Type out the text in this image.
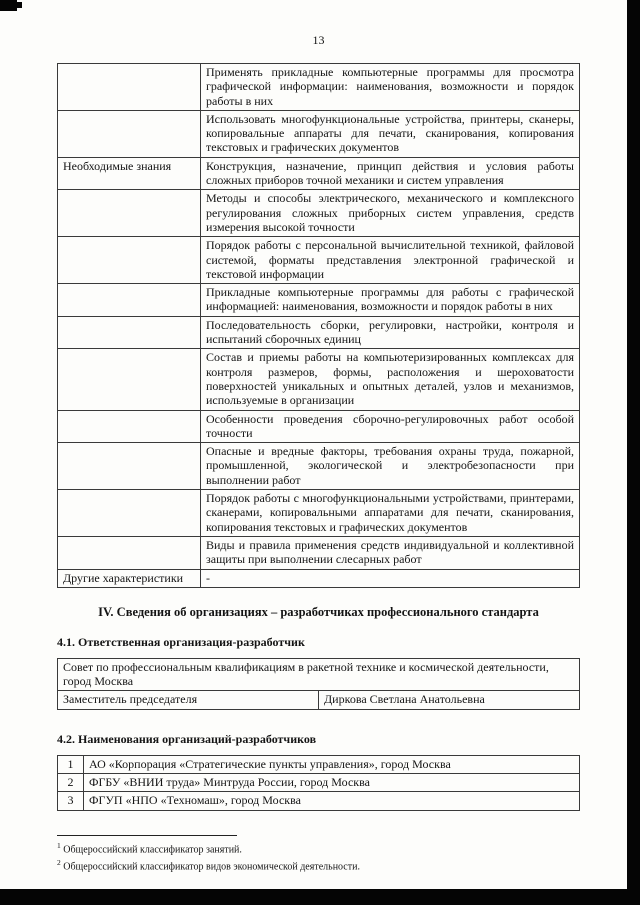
13
	Применять прикладные компьютерные программы для просмотра графической информации: наименования, возможности и порядок работы в них
	Использовать многофункциональные устройства, принтеры, сканеры, копировальные аппараты для печати, сканирования, копирования текстовых и графических документов
Необходимые знания	Конструкция, назначение, принцип действия и условия работы сложных приборов точной механики и систем управления
	Методы и способы электрического, механического и комплексного регулирования сложных приборных систем управления, средств измерения высокой точности
	Порядок работы с персональной вычислительной техникой, файловой системой, форматы представления электронной графической и текстовой информации
	Прикладные компьютерные программы для работы с графической информацией: наименования, возможности и порядок работы в них
	Последовательность сборки, регулировки, настройки, контроля и испытаний сборочных единиц
	Состав и приемы работы на компьютеризированных комплексах для контроля размеров, формы, расположения и шероховатости поверхностей уникальных и опытных деталей, узлов и механизмов, используемые в организации
	Особенности проведения сборочно-регулировочных работ особой точности
	Опасные и вредные факторы, требования охраны труда, пожарной, промышленной, экологической и электробезопасности при выполнении работ
	Порядок работы с многофункциональными устройствами, принтерами, сканерами, копировальными аппаратами для печати, сканирования, копирования текстовых и графических документов
	Виды и правила применения средств индивидуальной и коллективной защиты при выполнении слесарных работ
Другие характеристики	-
IV. Сведения об организациях – разработчиках профессионального стандарта
4.1. Ответственная организация-разработчик
Совет по профессиональным квалификациям в ракетной технике и космической деятельности, город Москва
Заместитель председателя	Диркова Светлана Анатольевна
4.2. Наименования организаций-разработчиков
1	АО «Корпорация «Стратегические пункты управления», город Москва
2	ФГБУ «ВНИИ труда» Минтруда России, город Москва
3	ФГУП «НПО «Техномаш», город Москва
$^1$ Общероссийский классификатор занятий.
$^2$ Общероссийский классификатор видов экономической деятельности.
